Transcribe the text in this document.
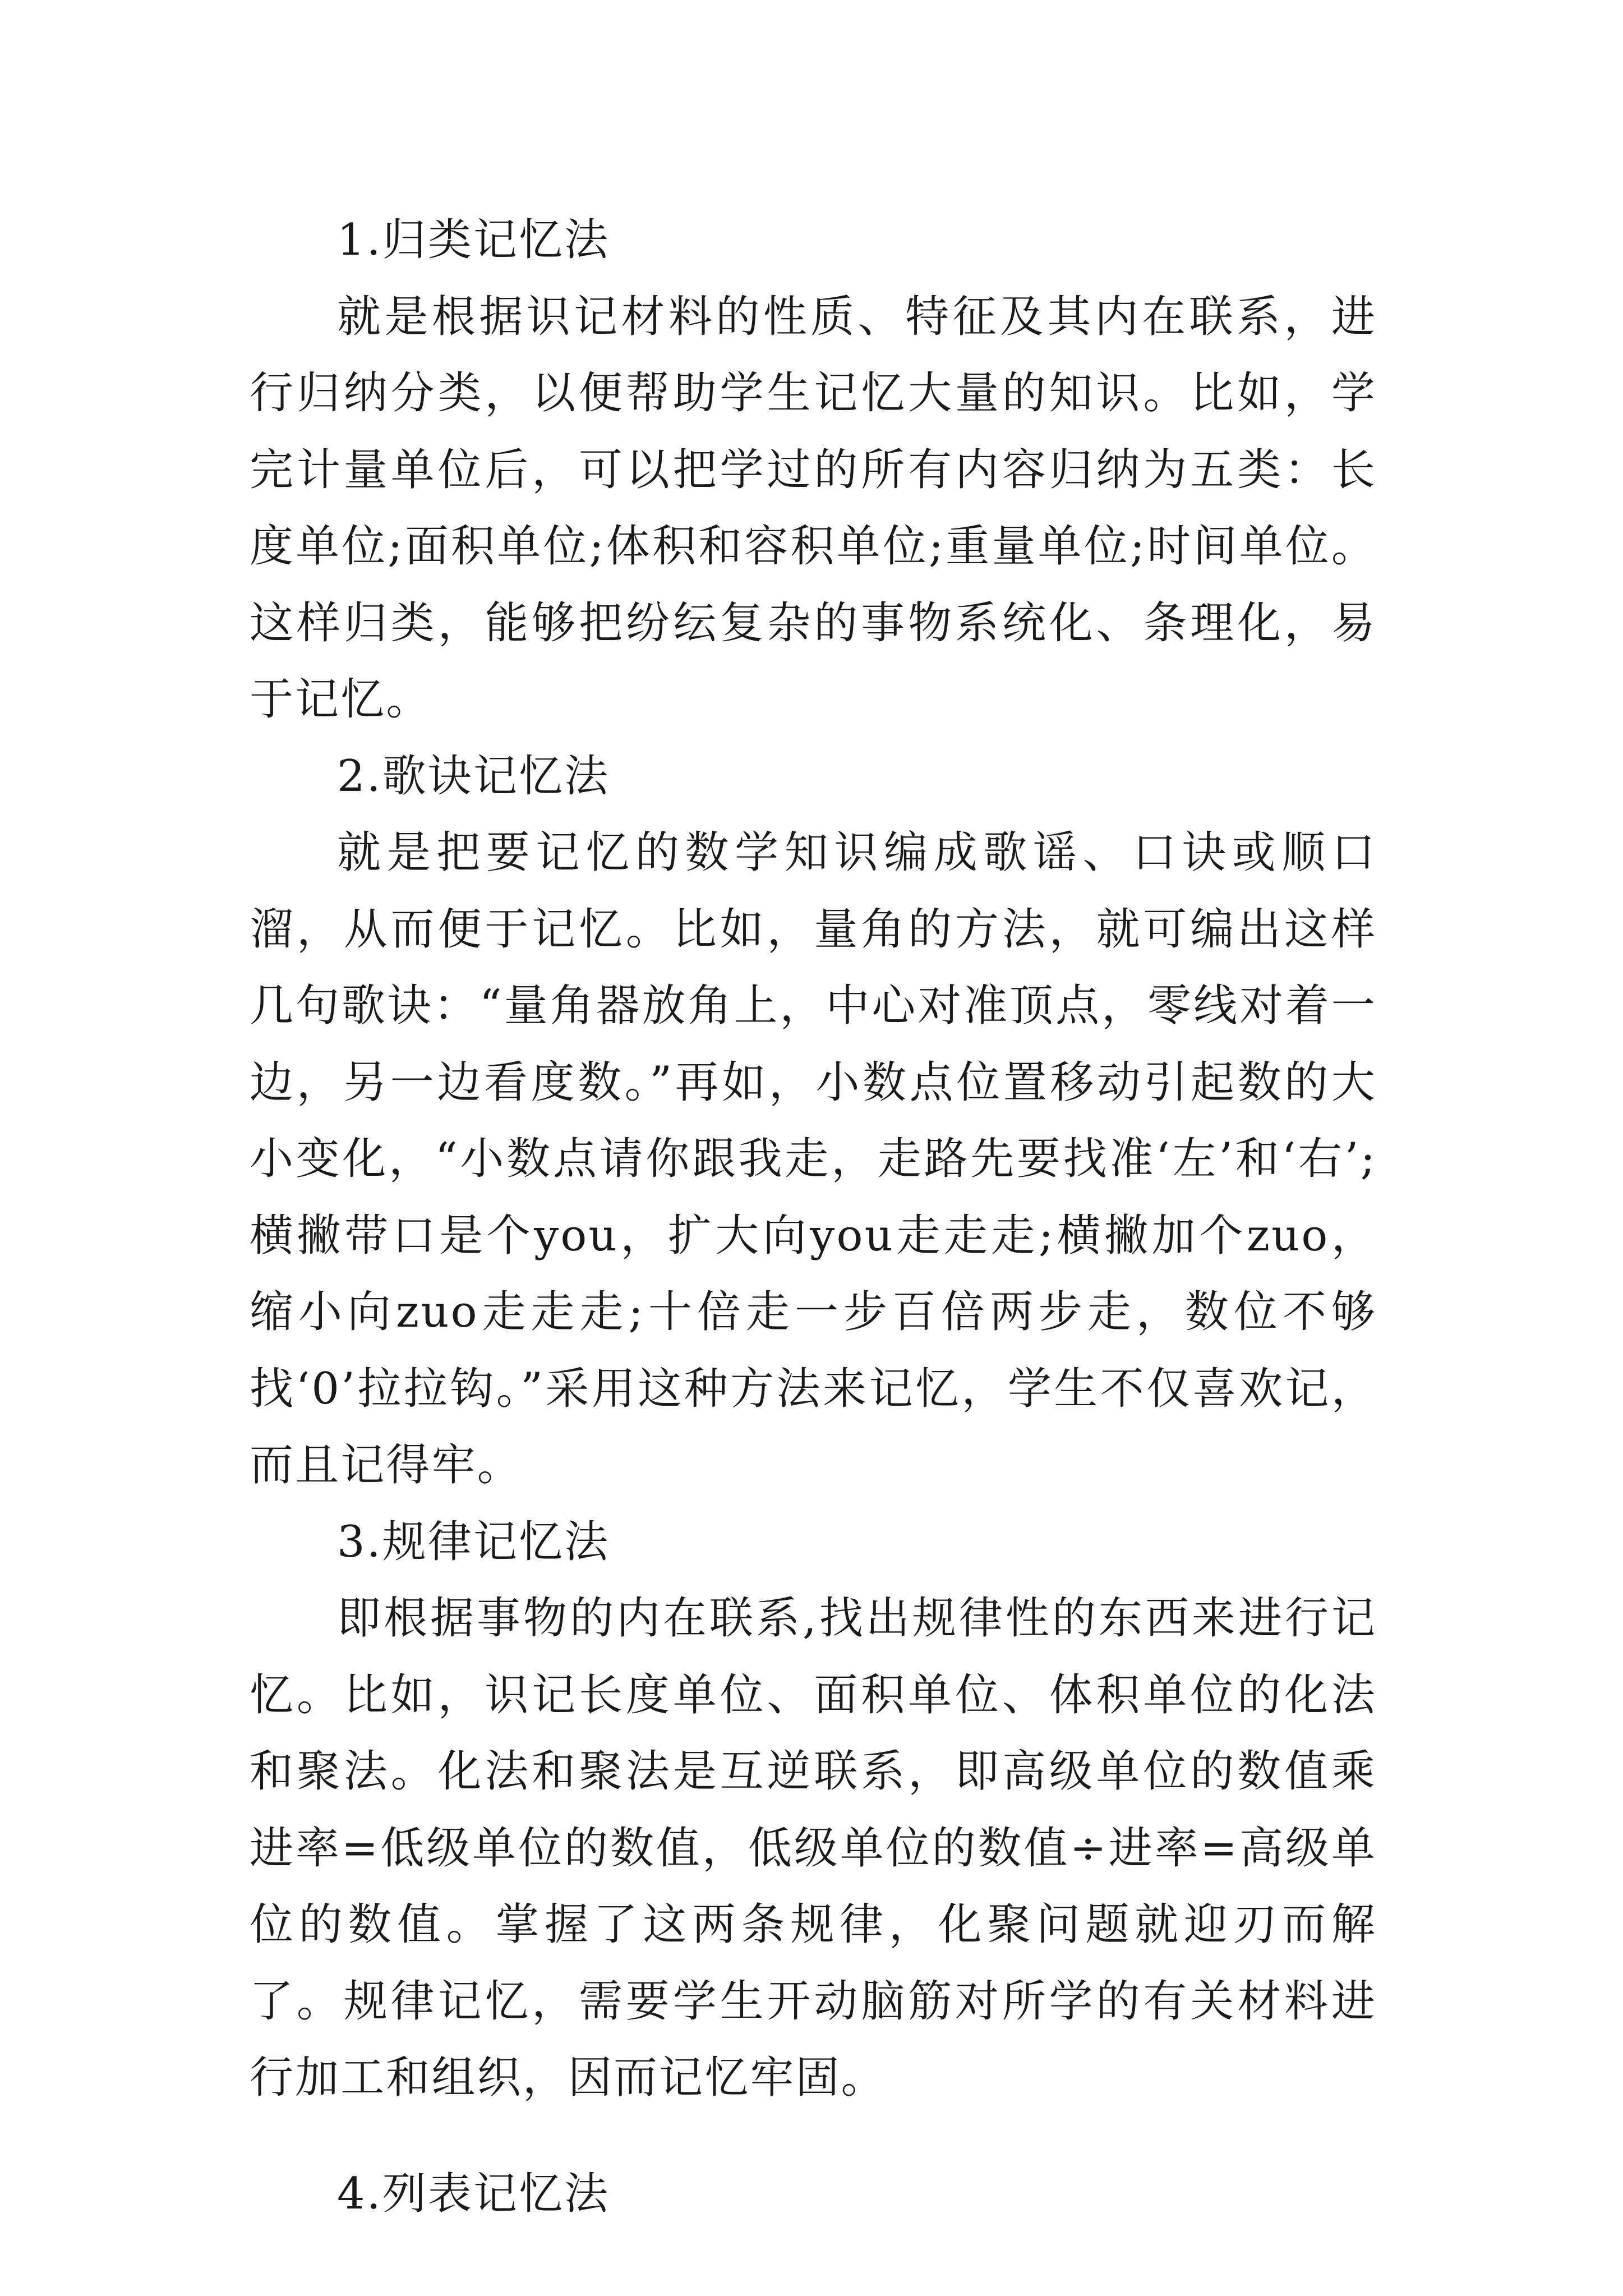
1.归类记忆法

就是根据识记材料的性质、特征及其内在联系，进行归纳分类，以便帮助学生记忆大量的知识。比如，学完计量单位后，可以把学过的所有内容归纳为五类：长度单位;面积单位;体积和容积单位;重量单位;时间单位。这样归类，能够把纷纭复杂的事物系统化、条理化，易于记忆。

2.歌诀记忆法

就是把要记忆的数学知识编成歌谣、口诀或顺口溜，从而便于记忆。比如，量角的方法，就可编出这样几句歌诀：“量角器放角上，中心对准顶点，零线对着一边，另一边看度数。”再如，小数点位置移动引起数的大小变化，“小数点请你跟我走，走路先要找准‘左’和‘右’;横撇带口是个you，扩大向you走走走;横撇加个zuo，缩小向zuo走走走;十倍走一步百倍两步走，数位不够找‘0’拉拉钩。”采用这种方法来记忆，学生不仅喜欢记，而且记得牢。

3.规律记忆法

即根据事物的内在联系,找出规律性的东西来进行记忆。比如，识记长度单位、面积单位、体积单位的化法和聚法。化法和聚法是互逆联系，即高级单位的数值乘进率=低级单位的数值，低级单位的数值÷进率=高级单位的数值。掌握了这两条规律，化聚问题就迎刃而解了。规律记忆，需要学生开动脑筋对所学的有关材料进行加工和组织，因而记忆牢固。

4.列表记忆法
